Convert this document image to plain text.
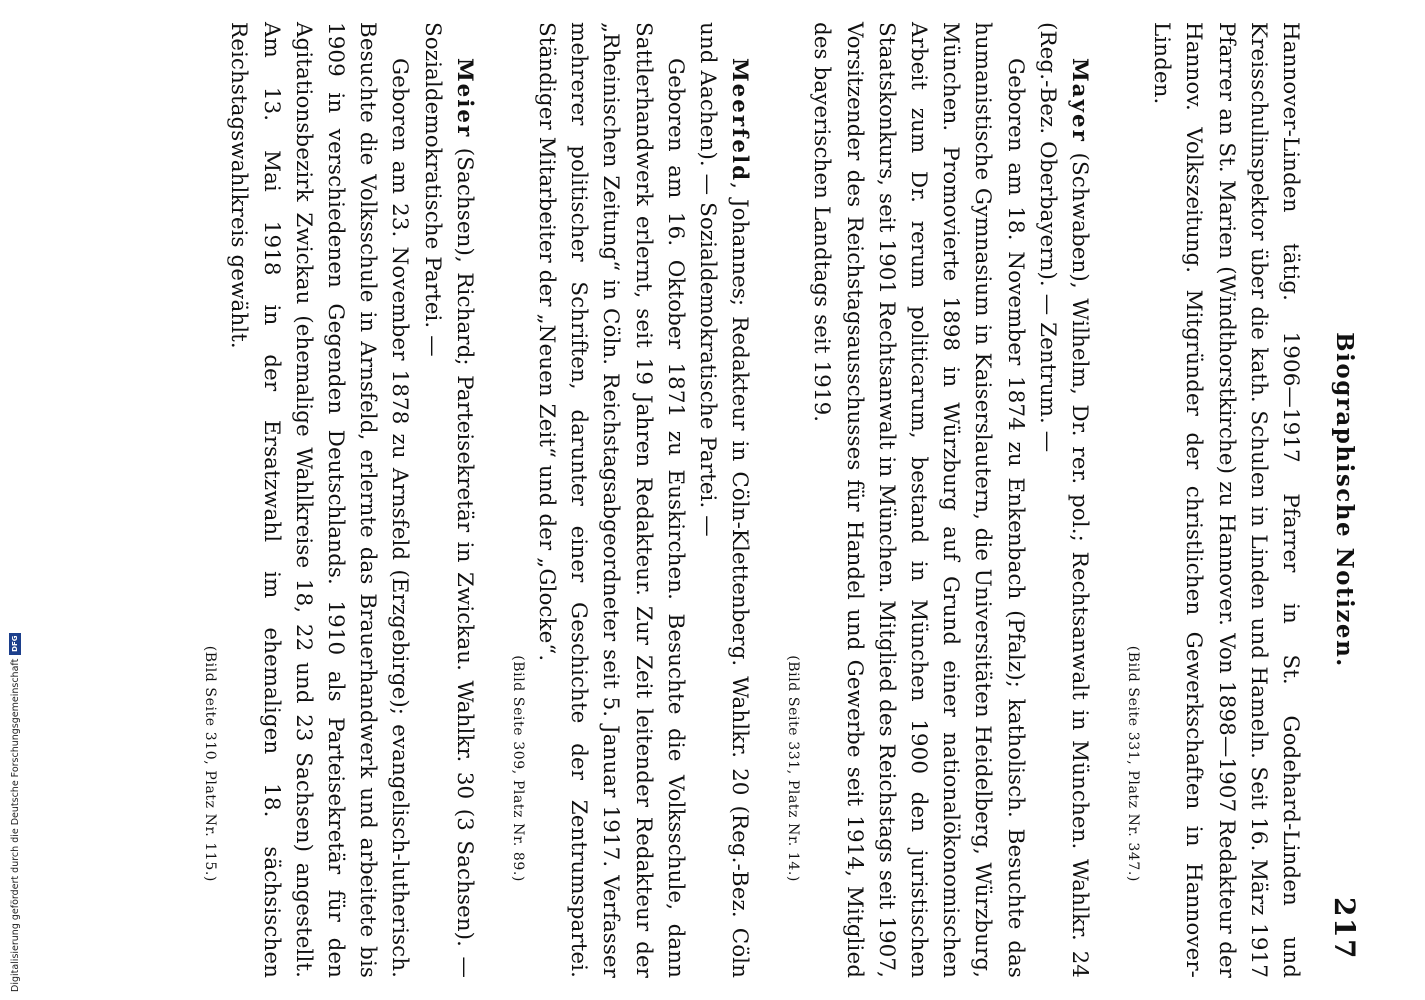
Biographische Notizen.
217

Hannover-Linden tätig. 1906—1917 Pfarrer in St. Godehard-Linden und Kreisschulinspektor über die kath. Schulen in Linden und Hameln. Seit 16. März 1917 Pfarrer an St. Marien (Windthorstkirche) zu Hannover. Von 1898—1907 Redakteur der Hannov. Volkszeitung. Mitgründer der christlichen Gewerkschaften in Hannover-Linden.

(Bild Seite 331, Platz Nr. 347.)

Mayer (Schwaben), Wilhelm, Dr. rer. pol.; Rechtsanwalt in München. Wahlkr. 24 (Reg.-Bez. Oberbayern). — Zentrum. —

Geboren am 18. November 1874 zu Enkenbach (Pfalz); katholisch. Besuchte das humanistische Gymnasium in Kaiserslautern, die Universitäten Heidelberg, Würzburg, München. Promovierte 1898 in Würzburg auf Grund einer nationalökonomischen Arbeit zum Dr. rerum politicarum, bestand in München 1900 den juristischen Staatskonkurs, seit 1901 Rechtsanwalt in München. Mitglied des Reichstags seit 1907, Vorsitzender des Reichstagsausschusses für Handel und Gewerbe seit 1914, Mitglied des bayerischen Landtags seit 1919.

(Bild Seite 331, Platz Nr. 14.)

Meerfeld, Johannes; Redakteur in Cöln-Klettenberg. Wahlkr. 20 (Reg.-Bez. Cöln und Aachen). — Sozialdemokratische Partei. —

Geboren am 16. Oktober 1871 zu Euskirchen. Besuchte die Volksschule, dann Sattlerhandwerk erlernt, seit 19 Jahren Redakteur. Zur Zeit leitender Redakteur der „Rheinischen Zeitung“ in Cöln. Reichstagsabgeordneter seit 5. Januar 1917. Verfasser mehrerer politischer Schriften, darunter einer Geschichte der Zentrumspartei. Ständiger Mitarbeiter der „Neuen Zeit“ und der „Glocke“.

(Bild Seite 309, Platz Nr. 89.)

Meier (Sachsen), Richard; Parteisekretär in Zwickau. Wahlkr. 30 (3 Sachsen). — Sozialdemokratische Partei. —

Geboren am 23. November 1878 zu Arnsfeld (Erzgebirge); evangelisch-lutherisch. Besuchte die Volksschule in Arnsfeld, erlernte das Brauerhandwerk und arbeitete bis 1909 in verschiedenen Gegenden Deutschlands. 1910 als Parteisekretär für den Agitationsbezirk Zwickau (ehemalige Wahlkreise 18, 22 und 23 Sachsen) angestellt. Am 13. Mai 1918 in der Ersatzwahl im ehemaligen 18. sächsischen Reichstagswahlkreis gewählt.

(Bild Seite 310, Platz Nr. 115.)

Digitalisierung gefördert durch die Deutsche Forschungsgemeinschaft
DFG
